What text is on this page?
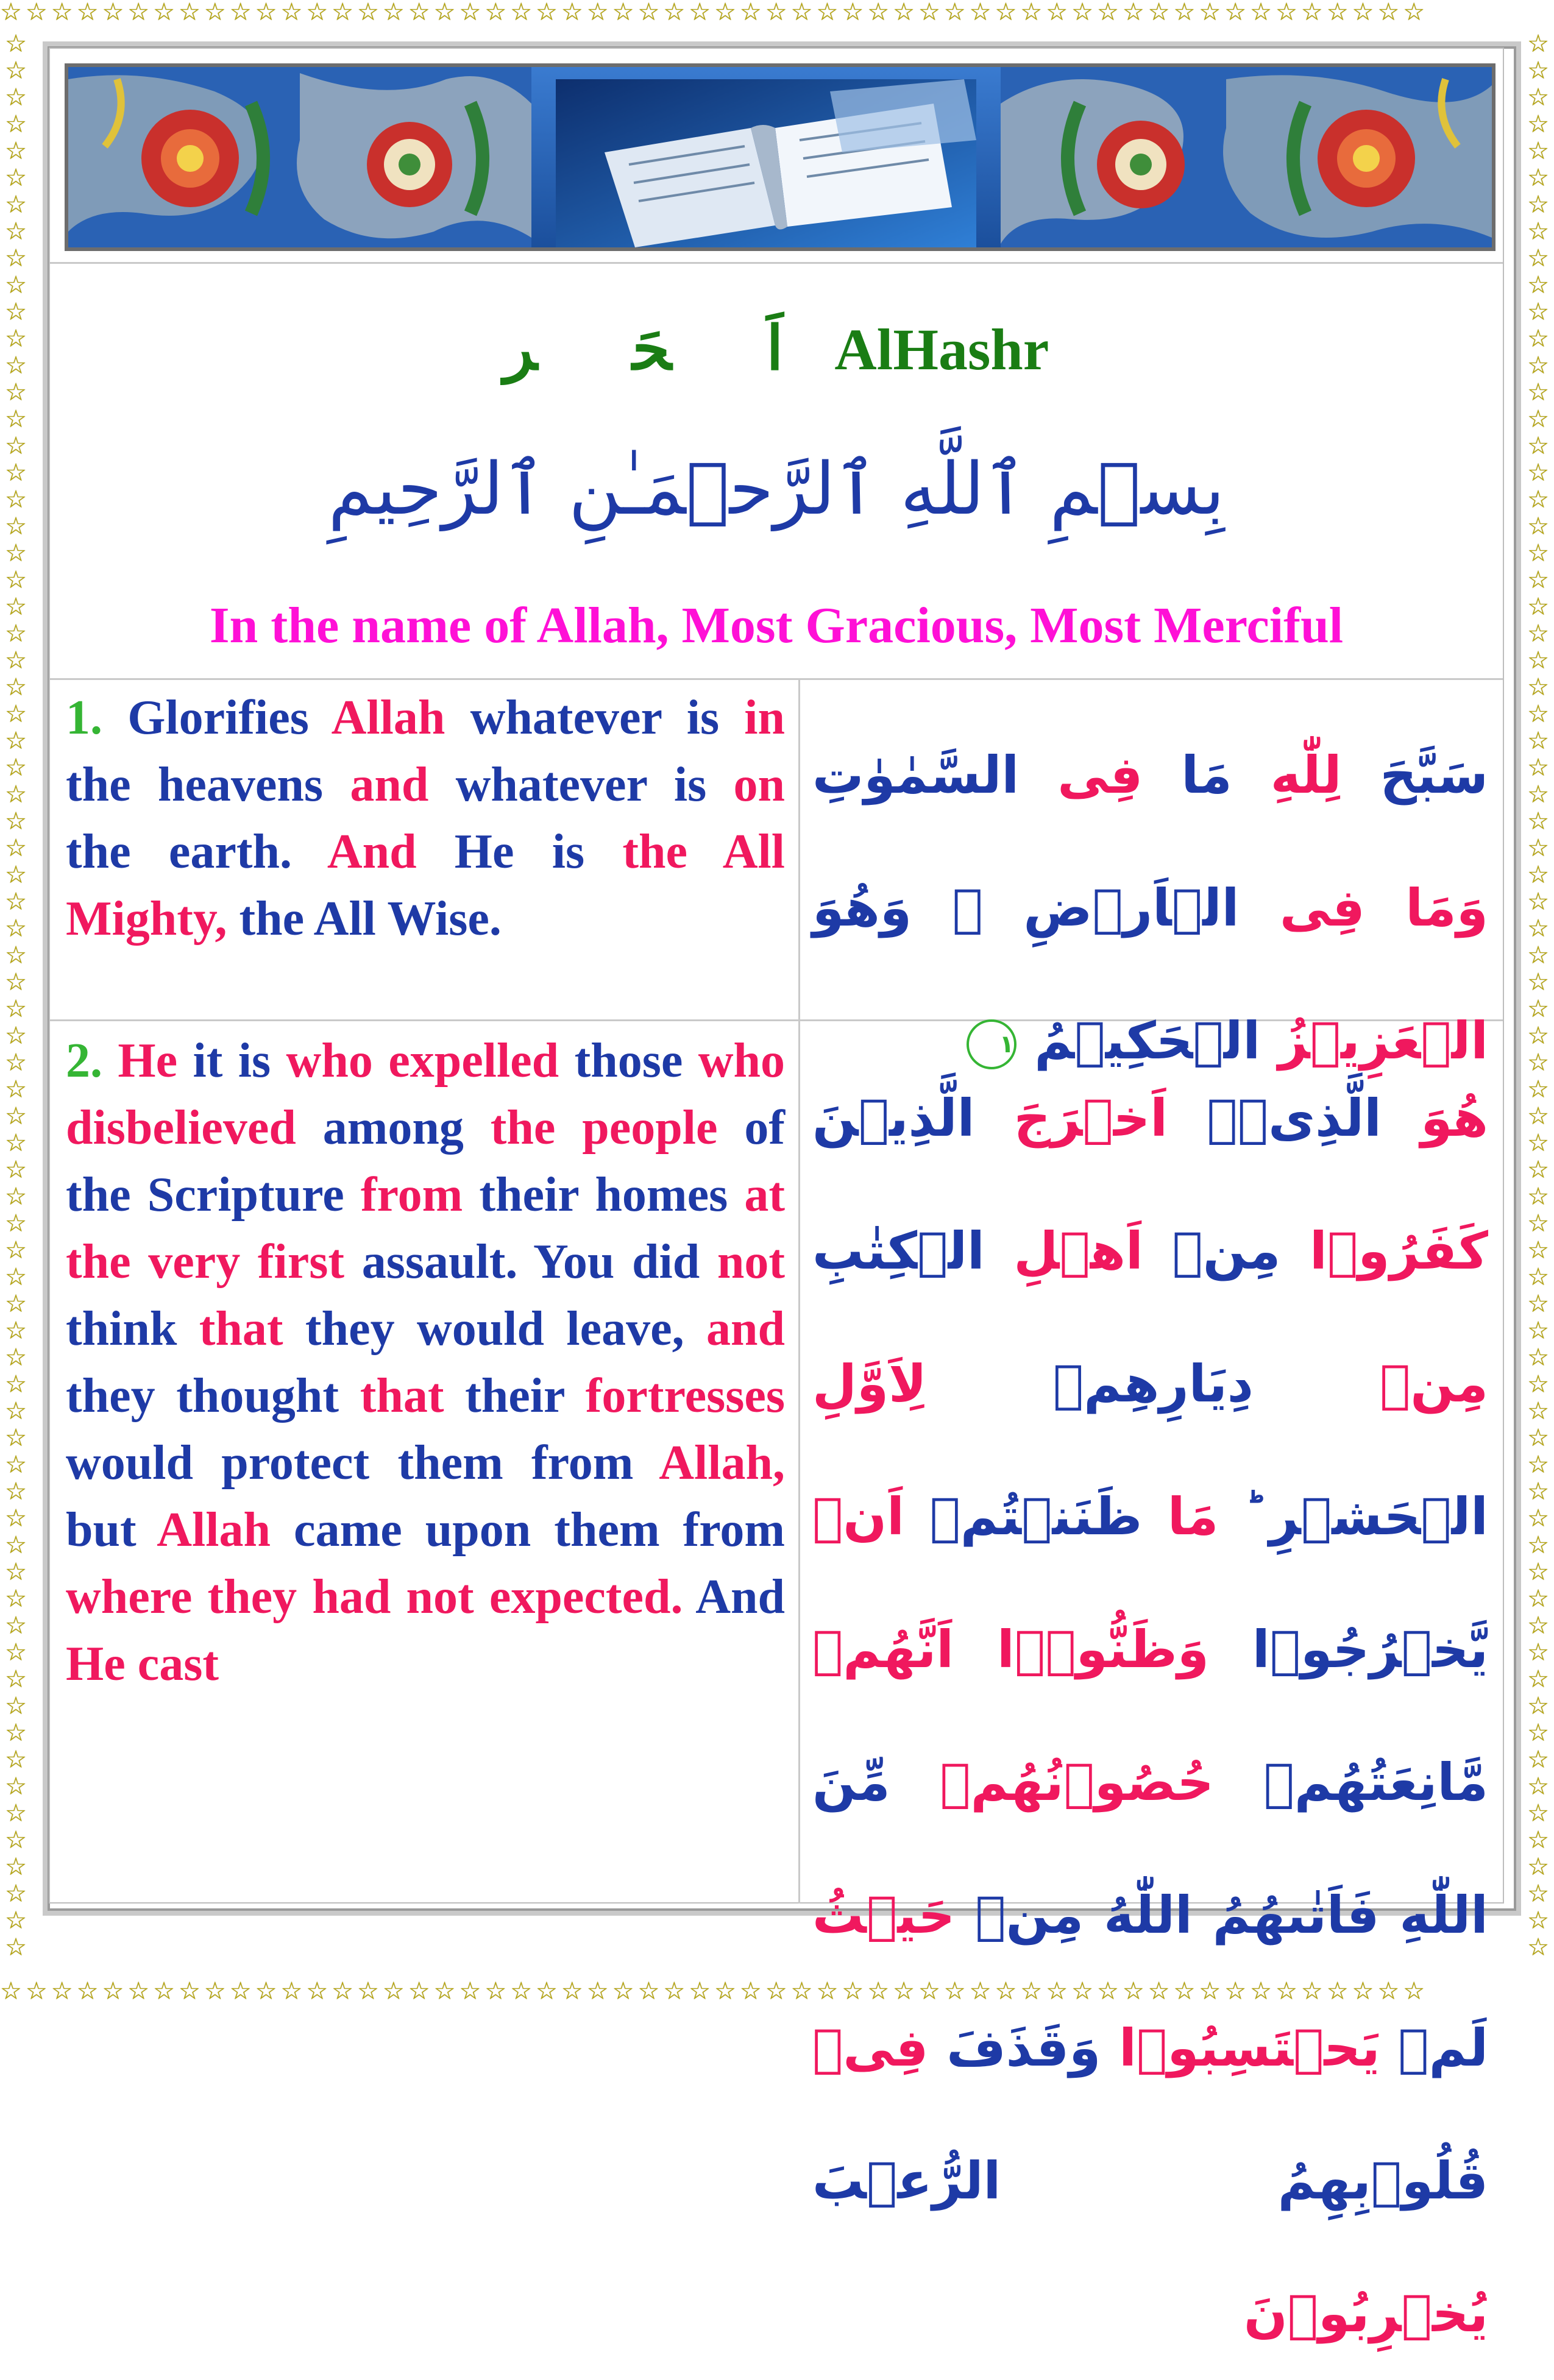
☆☆☆☆☆☆☆☆☆☆☆☆☆☆☆☆☆☆☆☆☆☆☆☆☆☆☆☆☆☆☆☆☆☆☆☆☆☆☆☆☆☆☆☆☆☆☆☆☆☆☆☆☆☆☆☆
☆☆☆☆☆☆☆☆☆☆☆☆☆☆☆☆☆☆☆☆☆☆☆☆☆☆☆☆☆☆☆☆☆☆☆☆☆☆☆☆☆☆☆☆☆☆☆☆☆☆☆☆☆☆☆☆
☆
☆
☆
☆
☆
☆
☆
☆
☆
☆
☆
☆
☆
☆
☆
☆
☆
☆
☆
☆
☆
☆
☆
☆
☆
☆
☆
☆
☆
☆
☆
☆
☆
☆
☆
☆
☆
☆
☆
☆
☆
☆
☆
☆
☆
☆
☆
☆
☆
☆
☆
☆
☆
☆
☆
☆
☆
☆
☆
☆
☆
☆
☆
☆
☆
☆
☆
☆
☆
☆
☆
☆
☆
☆
☆
☆
☆
☆
☆
☆
☆
☆
☆
☆
☆
☆
☆
☆
☆
☆
☆
☆
☆
☆
☆
☆
☆
☆
☆
☆
☆
☆
☆
☆
☆
☆
☆
☆
☆
☆
☆
☆
☆
☆
☆
☆
☆
☆
☆
☆
☆
☆
☆
☆
☆
☆
☆
☆
☆
☆
☆
☆
☆
☆
☆
☆
☆
☆
☆
☆
☆
☆
☆
☆
اَلۡحَشۡر AlHashr
بِسۡمِ ٱللَّهِ ٱلرَّحۡمَـٰنِ ٱلرَّحِيمِ
In the name of Allah, Most Gracious, Most Merciful
1. Glorifies Allah whatever is in the heavens and whatever is on the earth. And He is the All Mighty, the All Wise.
سَبَّحَ لِلّٰهِ مَا فِی السَّمٰوٰتِ وَمَا فِی الۡاَرۡضِ ۚ وَهُوَ الۡعَزِیۡزُ الۡحَكِیۡمُ ١
2. He it is who expelled those who disbelieved among the people of the Scripture from their homes at the very first assault. You did not think that they would leave, and they thought that their fortresses would protect them from Allah, but Allah came upon them from where they had not expected. And He cast
هُوَ الَّذِیۡۤ اَخۡرَجَ الَّذِیۡنَ كَفَرُوۡا مِنۡ اَهۡلِ الۡكِتٰبِ مِنۡ دِیَارِهِمۡ لِاَوَّلِ الۡحَشۡرِ ؕ مَا ظَنَنۡتُمۡ اَنۡ یَّخۡرُجُوۡا وَظَنُّوۡۤا اَنَّهُمۡ مَّانِعَتُهُمۡ حُصُوۡنُهُمۡ مِّنَ اللّٰهِ فَاَتٰىهُمُ اللّٰهُ مِنۡ حَیۡثُ لَمۡ یَحۡتَسِبُوۡا وَقَذَفَ فِیۡ قُلُوۡبِهِمُ الرُّعۡبَ یُخۡرِبُوۡنَ
